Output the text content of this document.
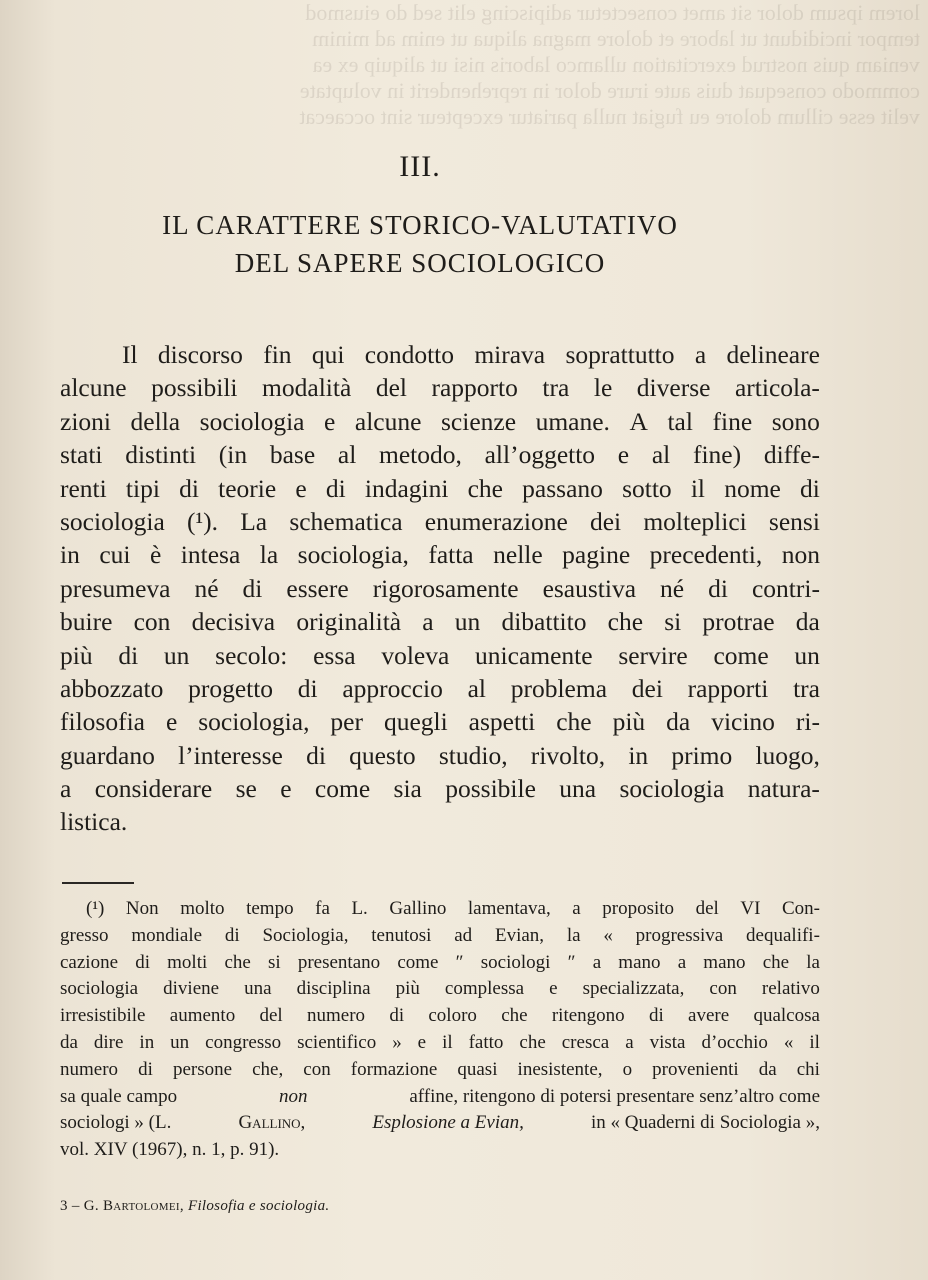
lorem ipsum dolor sit amet consectetur adipiscing elit sed do eiusmod
tempor incididunt ut labore et dolore magna aliqua ut enim ad minim
veniam quis nostrud exercitation ullamco laboris nisi ut aliquip ex ea
commodo consequat duis aute irure dolor in reprehenderit in voluptate
velit esse cillum dolore eu fugiat nulla pariatur excepteur sint occaecat
III.
IL CARATTERE STORICO-VALUTATIVO
DEL SAPERE SOCIOLOGICO
Il discorso fin qui condotto mirava soprattutto a delineare
alcune possibili modalità del rapporto tra le diverse articola-
zioni della sociologia e alcune scienze umane. A tal fine sono
stati distinti (in base al metodo, all’oggetto e al fine) diffe-
renti tipi di teorie e di indagini che passano sotto il nome di
sociologia (¹). La schematica enumerazione dei molteplici sensi
in cui è intesa la sociologia, fatta nelle pagine precedenti, non
presumeva né di essere rigorosamente esaustiva né di contri-
buire con decisiva originalità a un dibattito che si protrae da
più di un secolo: essa voleva unicamente servire come un
abbozzato progetto di approccio al problema dei rapporti tra
filosofia e sociologia, per quegli aspetti che più da vicino ri-
guardano l’interesse di questo studio, rivolto, in primo luogo,
a considerare se e come sia possibile una sociologia natura-
listica.
(¹) Non molto tempo fa L. Gallino lamentava, a proposito del VI Con-
gresso mondiale di Sociologia, tenutosi ad Evian, la « progressiva dequalifi-
cazione di molti che si presentano come ″ sociologi ″ a mano a mano che la
sociologia diviene una disciplina più complessa e specializzata, con relativo
irresistibile aumento del numero di coloro che ritengono di avere qualcosa
da dire in un congresso scientifico » e il fatto che cresca a vista d’occhio « il
numero di persone che, con formazione quasi inesistente, o provenienti da chi
sa quale campo	non	affine, ritengono di potersi presentare senz’altro come
sociologi » (L.	Gallino,	Esplosione a Evian,	in « Quaderni di Sociologia »,
vol. XIV (1967), n. 1, p. 91).
3 – G. Bartolomei, Filosofia e sociologia.
